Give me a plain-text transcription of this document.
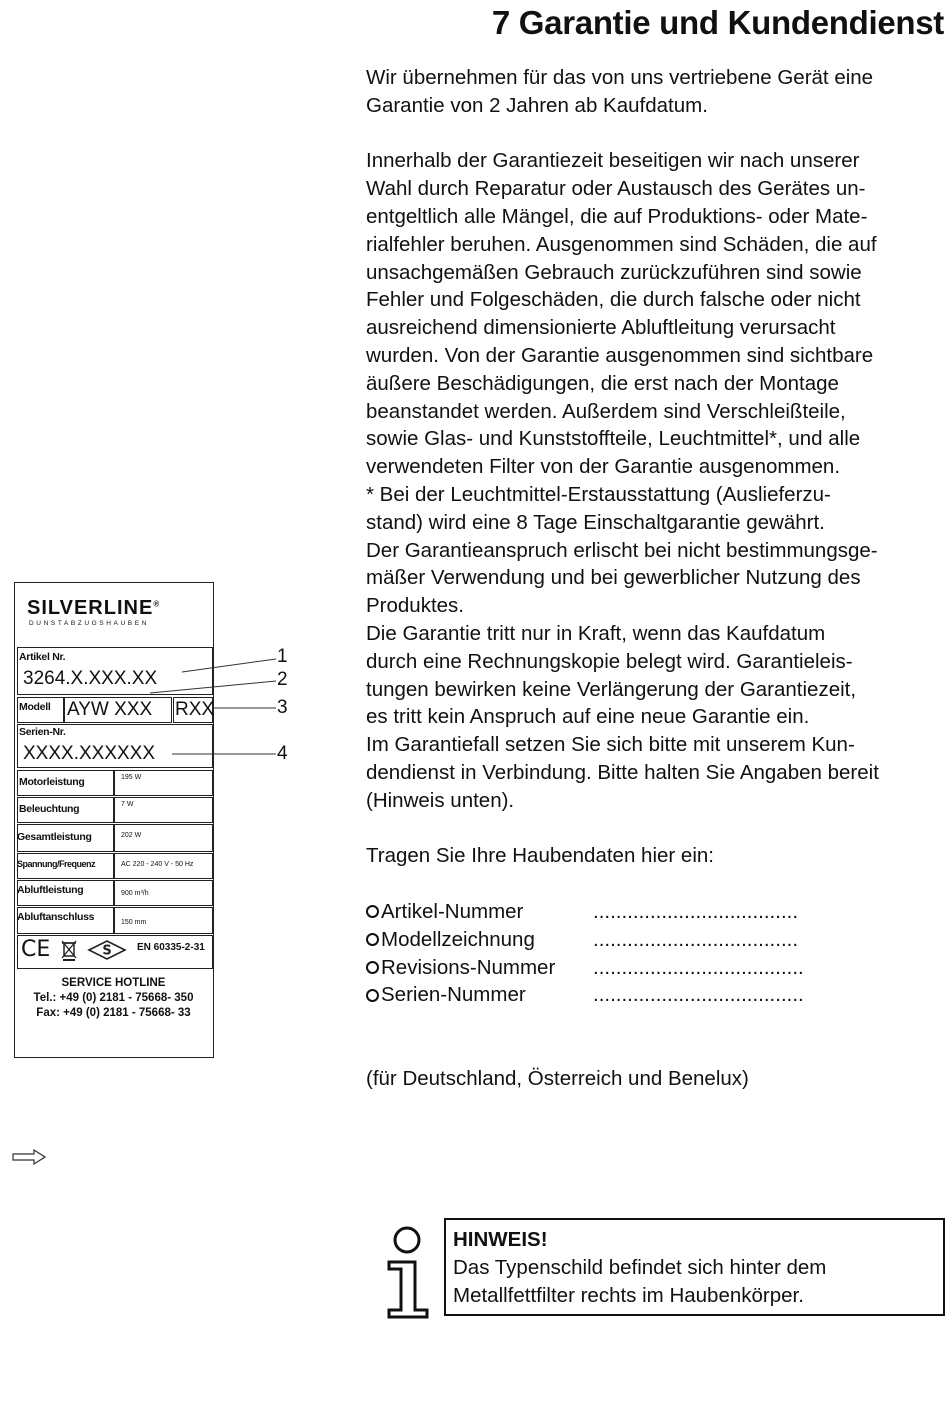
7 Garantie und Kundendienst
Wir übernehmen für das von uns vertriebene Gerät eine
Garantie von 2 Jahren ab Kaufdatum.
Innerhalb der Garantiezeit beseitigen wir nach unserer
Wahl durch Reparatur oder Austausch des Gerätes un-
entgeltlich alle Mängel, die auf Produktions- oder Mate-
rialfehler beruhen. Ausgenommen sind Schäden, die auf
unsachgemäßen Gebrauch zurückzuführen sind sowie
Fehler und Folgeschäden, die durch falsche oder nicht
ausreichend dimensionierte Abluftleitung verursacht
wurden. Von der Garantie ausgenommen sind sichtbare
äußere Beschädigungen, die erst nach der Montage
beanstandet werden. Außerdem sind Verschleißteile,
sowie Glas- und Kunststoffteile, Leuchtmittel*, und alle
verwendeten Filter von der Garantie ausgenommen.
* Bei der Leuchtmittel-Erstausstattung (Auslieferzu-
stand) wird eine 8 Tage Einschaltgarantie gewährt.
Der Garantieanspruch erlischt bei nicht bestimmungsge-
mäßer Verwendung und bei gewerblicher Nutzung des
Produktes.
Die Garantie tritt nur in Kraft, wenn das Kaufdatum
durch eine Rechnungskopie belegt wird. Garantieleis-
tungen bewirken keine Verlängerung der Garantiezeit,
es tritt kein Anspruch auf eine neue Garantie ein.
Im Garantiefall setzen Sie sich bitte mit unserem Kun-
dendienst in Verbindung. Bitte halten Sie Angaben bereit
(Hinweis unten).
Tragen Sie Ihre Haubendaten hier ein:
Artikel-Nummer	....................................
Modellzeichnung	....................................
Revisions-Nummer	.....................................
Serien-Nummer	.....................................
(für Deutschland, Österreich und Benelux)
SILVERLINE®
DUNSTABZUGSHAUBEN
Artikel Nr.
3264.X.XXX.XX
Modell AYW XXX RXX
Serien-Nr.
XXXX.XXXXXX
Motorleistung	195 W
Beleuchtung	7 W
Gesamtleistung	202 W
Spannung/Frequenz	AC 220 - 240 V - 50 Hz
Abluftleistung	900 m³/h
Abluftanschluss	150 mm
CE	S	EN 60335-2-31
SERVICE HOTLINE
Tel.: +49 (0) 2181 - 75668- 350
Fax: +49 (0) 2181 - 75668- 33
1
2
3
4
HINWEIS!
Das Typenschild befindet sich hinter dem
Metallfettfilter rechts im Haubenkörper.
